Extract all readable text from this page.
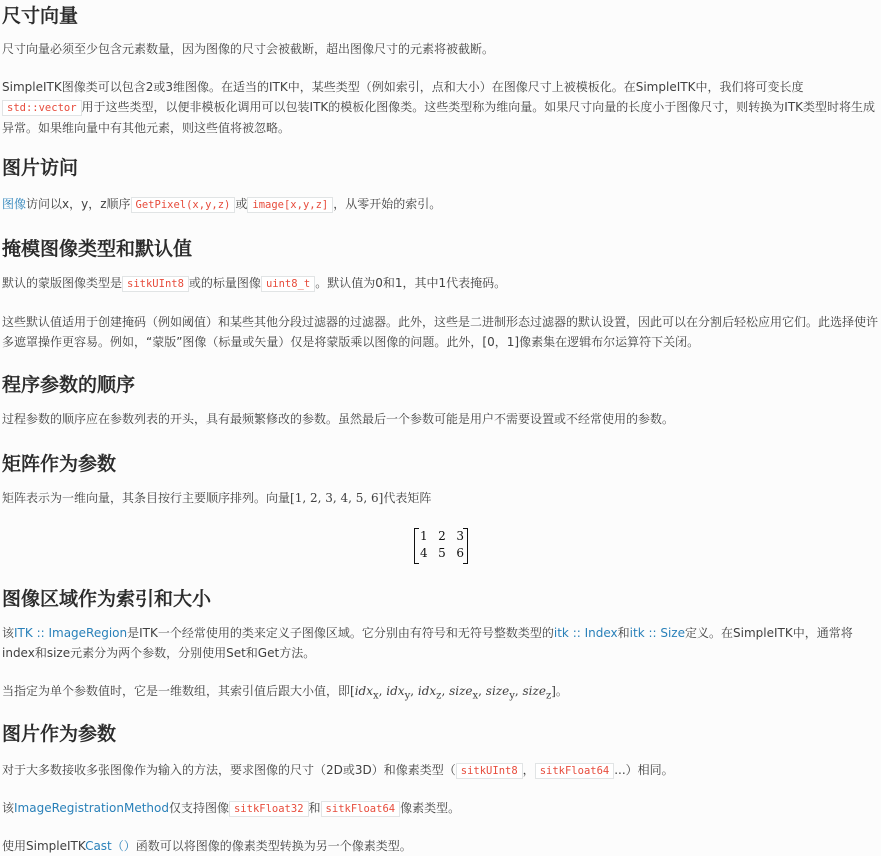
尺寸向量

尺寸向量必须至少包含元素数量，因为图像的尺寸会被截断，超出图像尺寸的元素将被截断。

SimpleITK图像类可以包含2或3维图像。在适当的ITK中，某些类型（例如索引，点和大小）在图像尺寸上被模板化。在SimpleITK中，我们将可变长度std::vector 用于这些类型，以便非模板化调用可以包装ITK的模板化图像类。这些类型称为维向量。如果尺寸向量的长度小于图像尺寸，则转换为ITK类型时将生成异常。如果维向量中有其他元素，则这些值将被忽略。

图片访问

图像访问以x，y，z顺序 GetPixel(x,y,z) 或 image[x,y,z] ，从零开始的索引。

掩模图像类型和默认值

默认的蒙版图像类型是 sitkUInt8 或的标量图像 uint8_t 。默认值为0和1，其中1代表掩码。

这些默认值适用于创建掩码（例如阈值）和某些其他分段过滤器的过滤器。此外，这些是二进制形态过滤器的默认设置，因此可以在分割后轻松应用它们。此选择使许多遮罩操作更容易。例如，“蒙版”图像（标量或矢量）仅是将蒙版乘以图像的问题。此外，[0，1]像素集在逻辑布尔运算符下关闭。

程序参数的顺序

过程参数的顺序应在参数列表的开头，具有最频繁修改的参数。虽然最后一个参数可能是用户不需要设置或不经常使用的参数。

矩阵作为参数

矩阵表示为一维向量，其条目按行主要顺序排列。向量[1, 2, 3, 4, 5, 6]代表矩阵

1 2 3
4 5 6
图像区域作为索引和大小

该ITK :: ImageRegion是ITK一个经常使用的类来定义子图像区域。它分别由有符号和无符号整数类型的itk :: Index和itk :: Size定义。在SimpleITK中，通常将index和size元素分为两个参数，分别使用Set和Get方法。

当指定为单个参数值时，它是一维数组，其索引值后跟大小值，即[idx$_x$, idx$_y$, idx$_z$, size$_x$, size$_y$, size$_z$]。

图片作为参数

对于大多数接收多张图像作为输入的方法，要求图像的尺寸（2D或3D）和像素类型（ sitkUInt8 ， sitkFloat64 ...）相同。

该ImageRegistrationMethod仅支持图像 sitkFloat32 和 sitkFloat64 像素类型。

使用SimpleITKCast（）函数可以将图像的像素类型转换为另一个像素类型。
